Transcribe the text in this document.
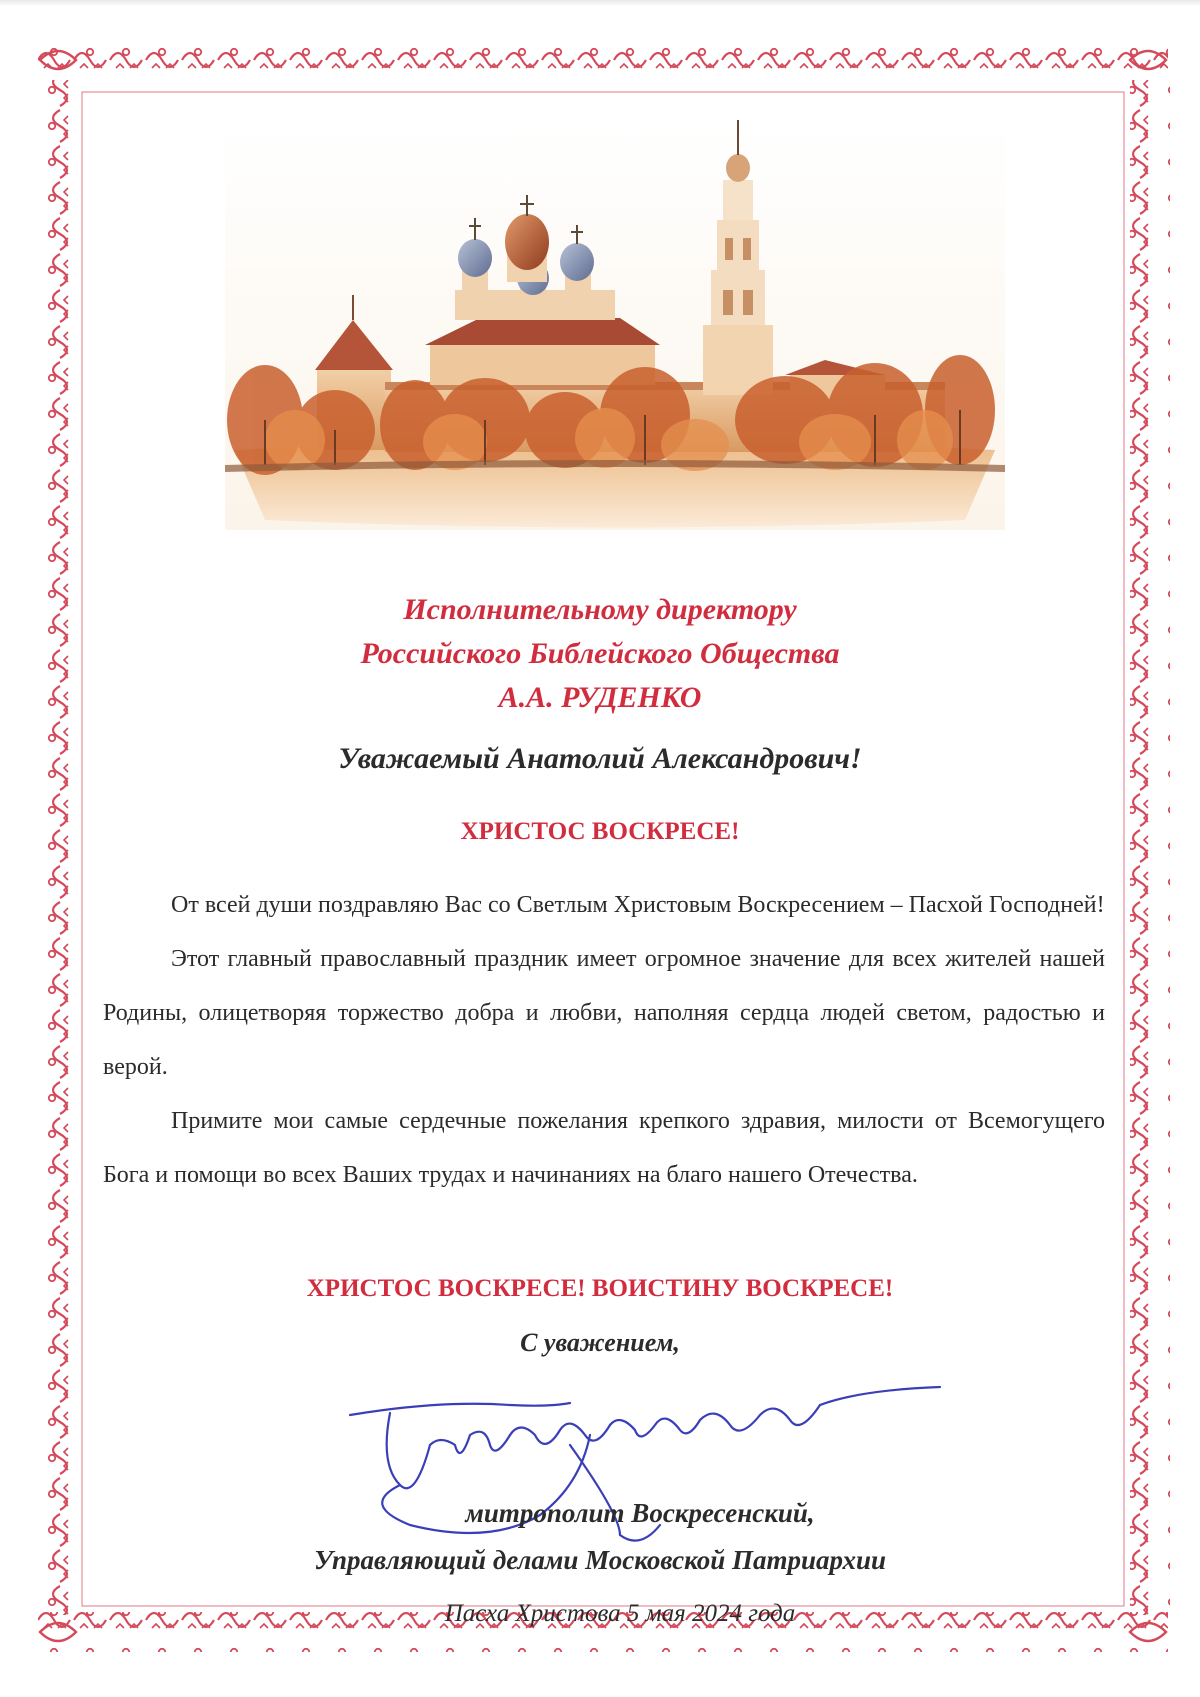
Исполнительному директору
Российского Библейского Общества
А.А. РУДЕНКО
Уважаемый Анатолий Александрович!
ХРИСТОС ВОСКРЕСЕ!

От всей души поздравляю Вас со Светлым Христовым Воскресением – Пасхой Господней!

Этот главный православный праздник имеет огромное значение для всех жителей нашей Родины, олицетворяя торжество добра и любви, наполняя сердца людей светом, радостью и верой.

Примите мои самые сердечные пожелания крепкого здравия, милости от Всемогущего Бога и помощи во всех Ваших трудах и начинаниях на благо нашего Отечества.

ХРИСТОС ВОСКРЕСЕ! ВОИСТИНУ ВОСКРЕСЕ!
С уважением,
митрополит Воскресенский,
Управляющий делами Московской Патриархии
Пасха Христова 5 мая 2024 года
